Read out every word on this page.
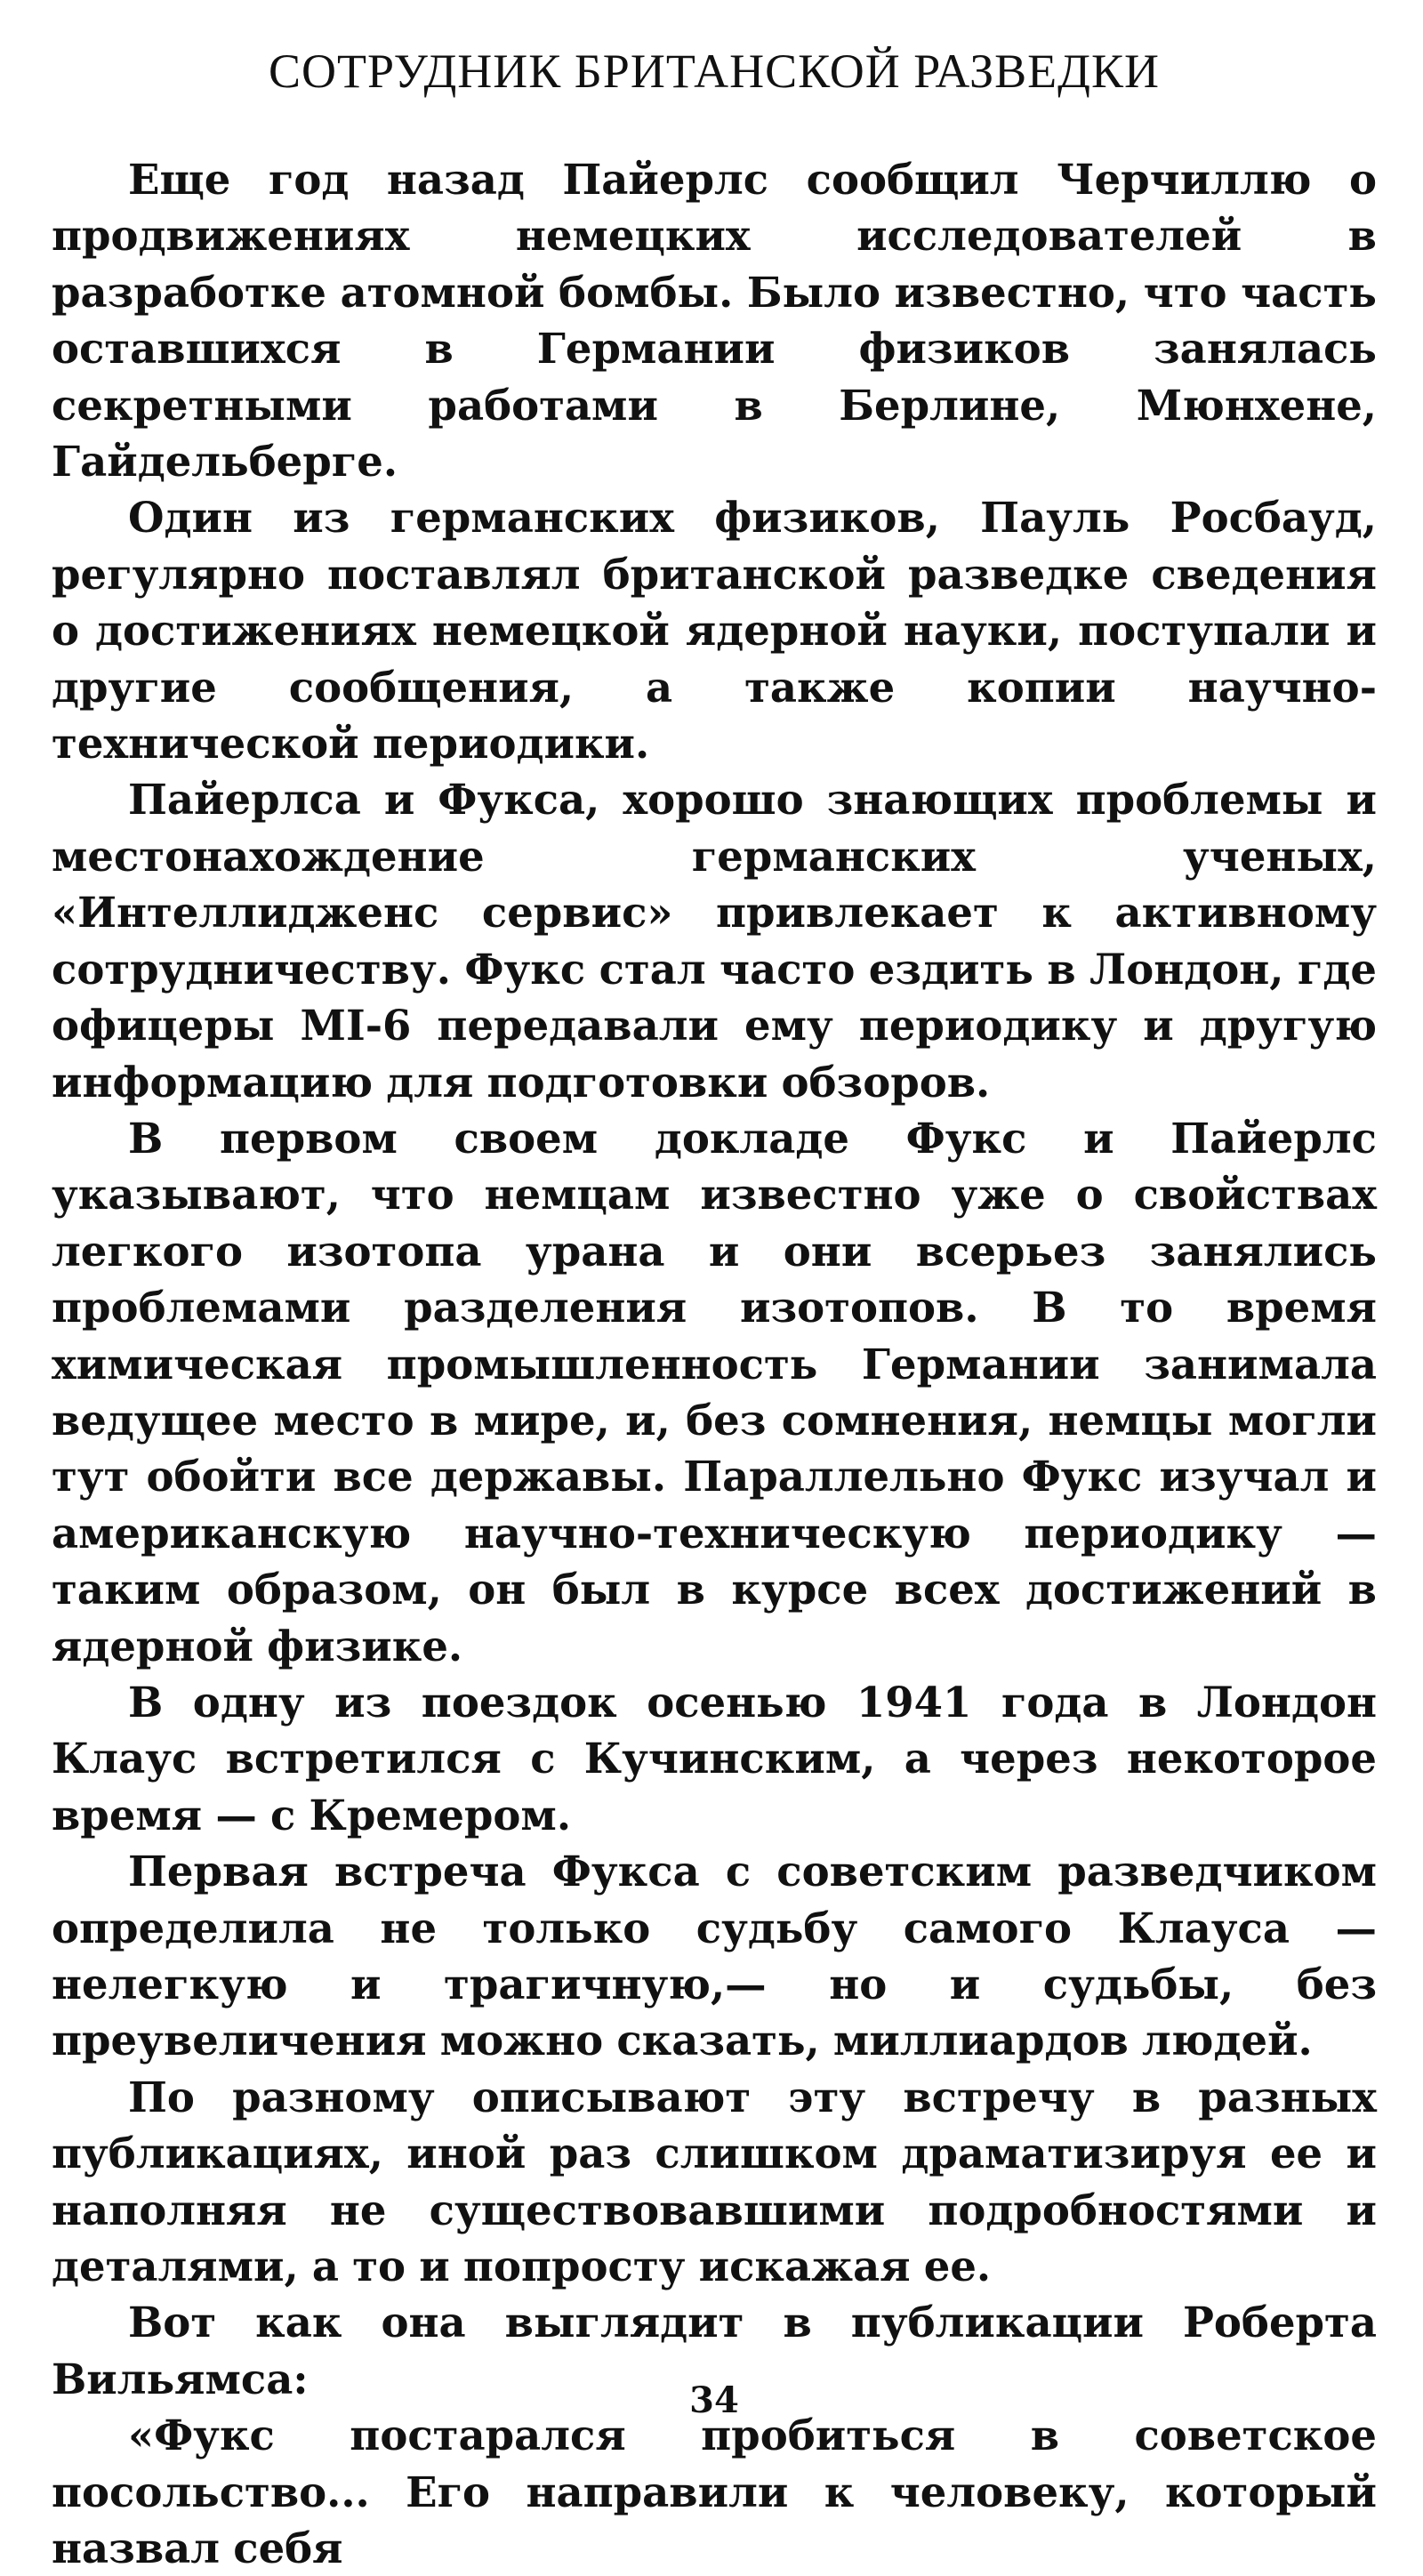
СОТРУДНИК БРИТАНСКОЙ РАЗВЕДКИ

Еще год назад Пайерлс сообщил Черчиллю о продвижениях немецких исследователей в разработке атомной бомбы. Было известно, что часть оставшихся в Германии физиков занялась секретными работами в Берлине, Мюнхене, Гайдельберге.

Один из германских физиков, Пауль Росбауд, регулярно поставлял британской разведке сведения о достижениях немецкой ядерной науки, поступали и другие сообщения, а также копии научно-технической периодики.

Пайерлса и Фукса, хорошо знающих проблемы и местонахождение германских ученых, «Интеллидженс сервис» привлекает к активному сотрудничеству. Фукс стал часто ездить в Лондон, где офицеры MI-6 передавали ему периодику и другую информацию для подготовки обзоров.

В первом своем докладе Фукс и Пайерлс указывают, что немцам известно уже о свойствах легкого изотопа урана и они всерьез занялись проблемами разделения изотопов. В то время химическая промышленность Германии занимала ведущее место в мире, и, без сомнения, немцы могли тут обойти все державы. Параллельно Фукс изучал и американскую научно-техническую периодику — таким образом, он был в курсе всех достижений в ядерной физике.

В одну из поездок осенью 1941 года в Лондон Клаус встретился с Кучинским, а через некоторое время — с Кремером.

Первая встреча Фукса с советским разведчиком определила не только судьбу самого Клауса — нелегкую и трагичную,— но и судьбы, без преувеличения можно сказать, миллиардов людей.

По разному описывают эту встречу в разных публикациях, иной раз слишком драматизируя ее и наполняя не существовавшими подробностями и деталями, а то и попросту искажая ее.

Вот как она выглядит в публикации Роберта Вильямса:

«Фукс постарался пробиться в советское посольство... Его направили к человеку, который назвал себя

34
